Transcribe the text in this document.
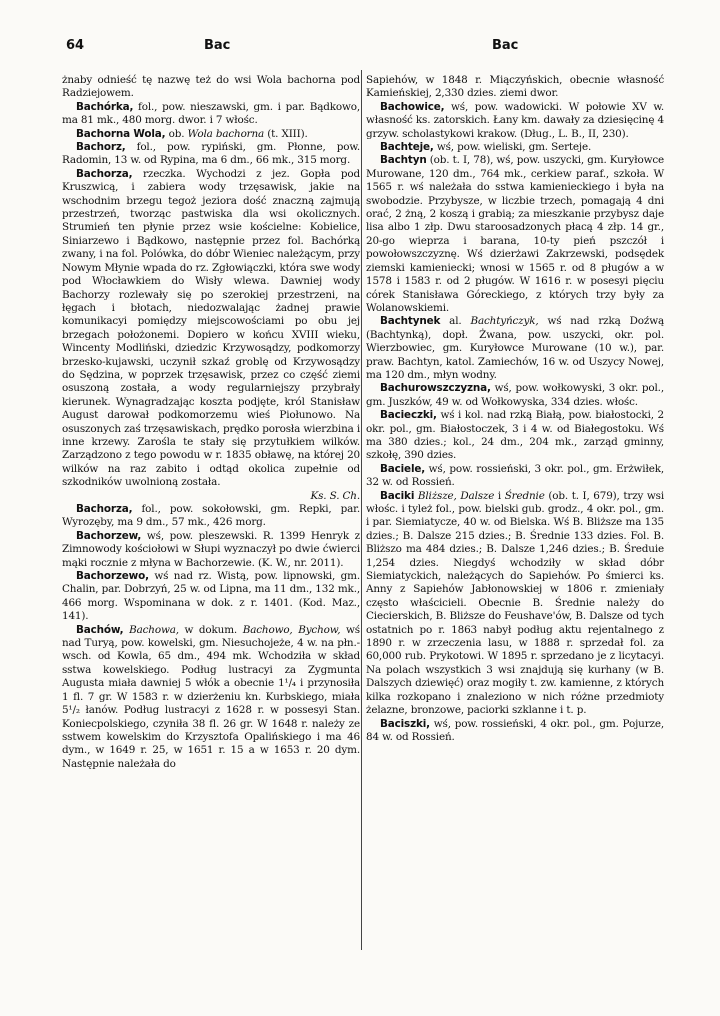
64	Bac	Bac

żnaby odnieść tę nazwę też do wsi Wola bachorna pod Radziejowem.

Bachórka, fol., pow. nieszawski, gm. i par. Bądkowo, ma 81 mk., 480 morg. dwor. i 7 włośc.

Bachorna Wola, ob. Wola bachorna (t. XIII).

Bachorz, fol., pow. rypiński, gm. Płonne, pow. Radomin, 13 w. od Rypina, ma 6 dm., 66 mk., 315 morg.

Bachorza, rzeczka. Wychodzi z jez. Gopła pod Kruszwicą, i zabiera wody trzęsawisk, jakie na wschodnim brzegu tegoż jeziora dość znaczną zajmują przestrzeń, tworząc pastwiska dla wsi okolicznych. Strumień ten płynie przez wsie kościelne: Kobielice, Siniarzewo i Bądkowo, następnie przez fol. Bachórką zwany, i na fol. Polówka, do dóbr Wieniec należącym, przy Nowym Młynie wpada do rz. Zgłowiączki, która swe wody pod Włocławkiem do Wisły wlewa. Dawniej wody Bachorzy rozlewały się po szerokiej przestrzeni, na łęgach i błotach, niedozwalając żadnej prawie komunikacyi pomiędzy miejscowościami po obu jej brzegach położonemi. Dopiero w końcu XVIII wieku, Wincenty Modliński, dziedzic Krzywosądzy, podkomorzy brzesko-kujawski, uczynił szkaź groblę od Krzywosądzy do Sędzina, w poprzek trzęsawisk, przez co część ziemi osuszoną została, a wody regularniejszy przybrały kierunek. Wynagradzając koszta podjęte, król Stanisław August darował podkomorzemu wieś Piołunowo. Na osuszonych zaś trzęsawiskach, prędko porosła wierzbina i inne krzewy. Zarośla te stały się przytułkiem wilków. Zarządzono z tego powodu w r. 1835 obławę, na której 20 wilków na raz zabito i odtąd okolica zupełnie od szkodników uwolnioną została.

Ks. S. Ch.

Bachorza, fol., pow. sokołowski, gm. Repki, par. Wyrozęby, ma 9 dm., 57 mk., 426 morg.

Bachorzew, wś, pow. pleszewski. R. 1399 Henryk z Zimnowody kościołowi w Słupi wyznaczył po dwie ćwierci mąki rocznie z młyna w Bachorzewie. (K. W., nr. 2011).

Bachorzewo, wś nad rz. Wistą, pow. lipnowski, gm. Chalin, par. Dobrzyń, 25 w. od Lipna, ma 11 dm., 132 mk., 466 morg. Wspominana w dok. z r. 1401. (Kod. Maz., 141).

Bachów, Bachowa, w dokum. Bachowo, Bychow, wś nad Turyą, pow. kowelski, gm. Niesuchojeże, 4 w. na płn.-wsch. od Kowla, 65 dm., 494 mk. Wchodziła w skład sstwa kowelskiego. Podług lustracyi za Zygmunta Augusta miała dawniej 5 włók a obecnie 1¹/₄ i przynosiła 1 fl. 7 gr. W 1583 r. w dzierżeniu kn. Kurbskiego, miała 5¹/₂ łanów. Podług lustracyi z 1628 r. w possesyi Stan. Koniecpolskiego, czyniła 38 fl. 26 gr. W 1648 r. należy ze sstwem kowelskim do Krzysztofa Opalińskiego i ma 46 dym., w 1649 r. 25, w 1651 r. 15 a w 1653 r. 20 dym. Następnie należała do

Sapiehów, w 1848 r. Miączyńskich, obecnie własność Kamieńskiej, 2,330 dzies. ziemi dwor.

Bachowice, wś, pow. wadowicki. W połowie XV w. własność ks. zatorskich. Łany km. dawały za dziesięcinę 4 grzyw. scholastykowi krakow. (Dług., L. B., II, 230).

Bachteje, wś, pow. wieliski, gm. Serteje.

Bachtyn (ob. t. I, 78), wś, pow. uszycki, gm. Kuryłowce Murowane, 120 dm., 764 mk., cerkiew paraf., szkoła. W 1565 r. wś należała do sstwa kamienieckiego i była na swobodzie. Przybysze, w liczbie trzech, pomagają 4 dni orać, 2 żną, 2 koszą i grabią; za mieszkanie przybysz daje lisa albo 1 złp. Dwu staroosadzonych płacą 4 złp. 14 gr., 20-go wieprza i barana, 10-ty pień pszczół i powołowszczyznę. Wś dzierżawi Zakrzewski, podsędek ziemski kamieniecki; wnosi w 1565 r. od 8 pługów a w 1578 i 1583 r. od 2 pługów. W 1616 r. w posesyi pięciu córek Stanisława Góreckiego, z których trzy były za Wolanowskiemi.

Bachtynek al. Bachtyńczyk, wś nad rzką Doźwą (Bachtynką), dopł. Żwana, pow. uszycki, okr. pol. Wierzbowiec, gm. Kuryłowce Murowane (10 w.), par. praw. Bachtyn, katol. Zamiechów, 16 w. od Uszycy Nowej, ma 120 dm., młyn wodny.

Bachurowszczyzna, wś, pow. wołkowyski, 3 okr. pol., gm. Juszków, 49 w. od Wołkowyska, 334 dzies. włośc.

Bacieczki, wś i kol. nad rzką Białą, pow. białostocki, 2 okr. pol., gm. Białostoczek, 3 i 4 w. od Białegostoku. Wś ma 380 dzies.; kol., 24 dm., 204 mk., zarząd gminny, szkołę, 390 dzies.

Baciele, wś, pow. rossieński, 3 okr. pol., gm. Erżwiłek, 32 w. od Rossień.

Baciki Bliższe, Dalsze i Średnie (ob. t. I, 679), trzy wsi włośc. i tyleż fol., pow. bielski gub. grodz., 4 okr. pol., gm. i par. Siemiatycze, 40 w. od Bielska. Wś B. Bliższe ma 135 dzies.; B. Dalsze 215 dzies.; B. Średnie 133 dzies. Fol. B. Bliższo ma 484 dzies.; B. Dalsze 1,246 dzies.; B. Średuie 1,254 dzies. Niegdyś wchodziły w skład dóbr Siemiatyckich, należących do Sapiehów. Po śmierci ks. Anny z Sapiehów Jabłonowskiej w 1806 r. zmieniały często właścicieli. Obecnie B. Średnie należy do Ciecierskich, B. Bliższe do Feushave'ów, B. Dalsze od tych ostatnich po r. 1863 nabył podług aktu rejentalnego z 1890 r. w zrzeczenia lasu, w 1888 r. sprzedał fol. za 60,000 rub. Prykotowi. W 1895 r. sprzedano je z licytacyi. Na polach wszystkich 3 wsi znajdują się kurhany (w B. Dalszych dziewięć) oraz mogiły t. zw. kamienne, z których kilka rozkopano i znaleziono w nich różne przedmioty żelazne, bronzowe, paciorki szklanne i t. p.

Baciszki, wś, pow. rossieński, 4 okr. pol., gm. Pojurze, 84 w. od Rossień.
